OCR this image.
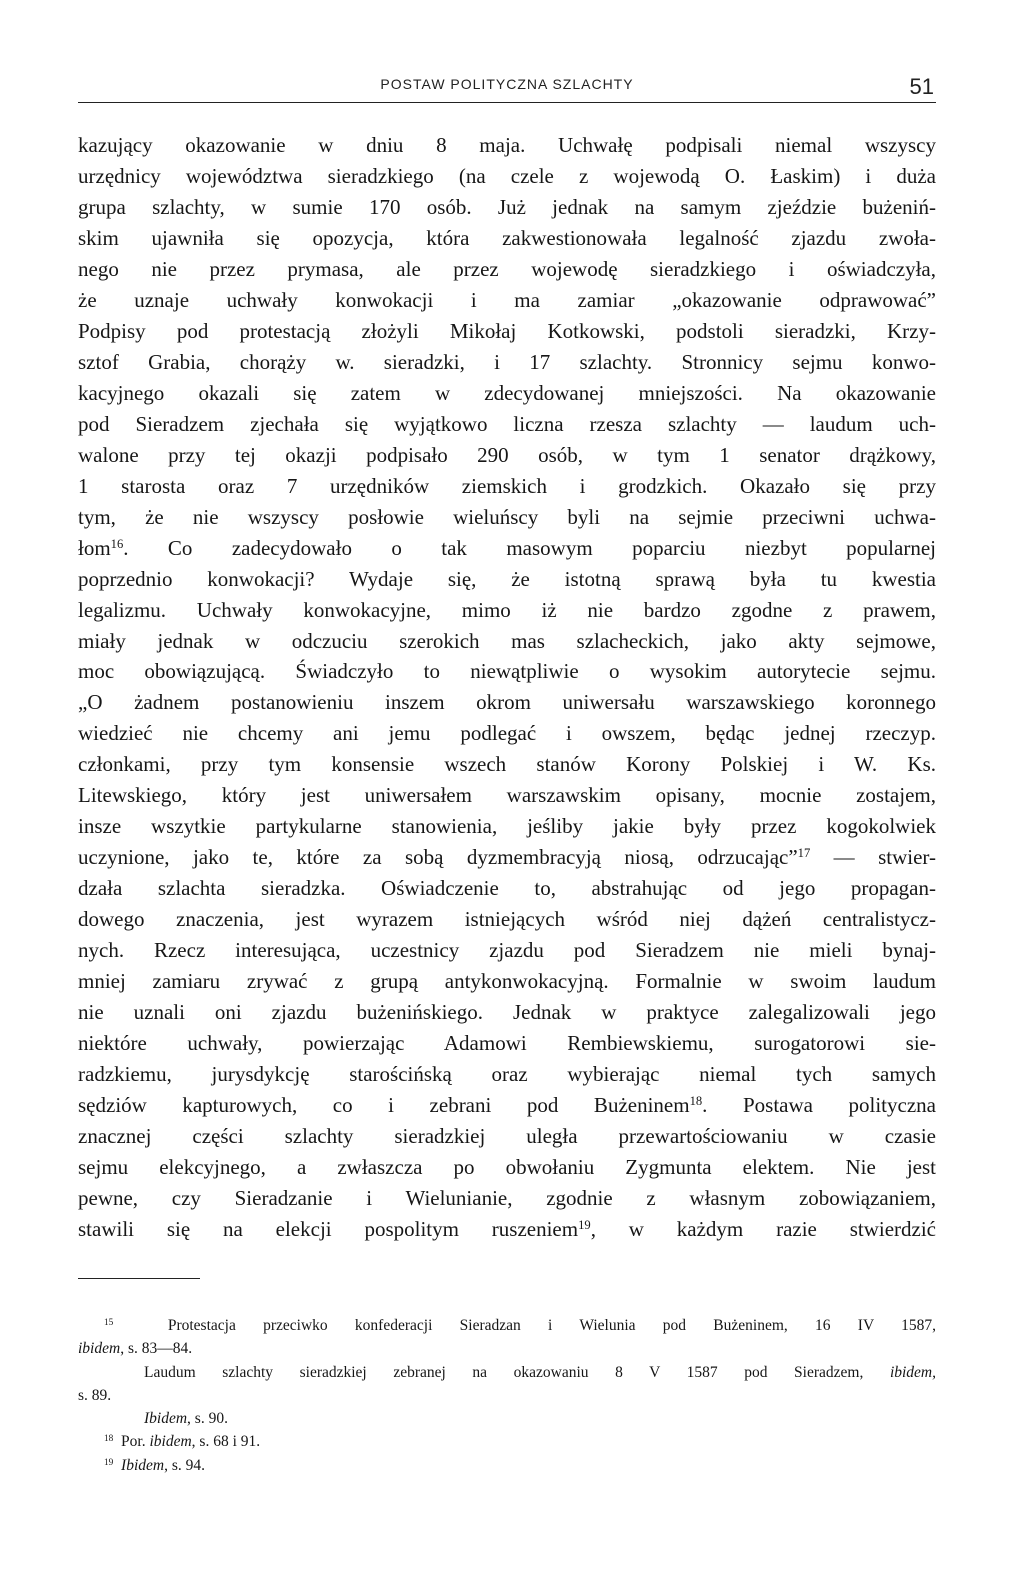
POSTAW POLITYCZNA SZLACHTY	51
kazujący okazowanie w dniu 8 maja. Uchwałę podpisali niemal wszyscy
urzędnicy województwa sieradzkiego (na czele z wojewodą O. Łaskim) i duża
grupa szlachty, w sumie 170 osób. Już jednak na samym zjeździe bużeniń-
skim ujawniła się opozycja, która zakwestionowała legalność zjazdu zwoła-
nego nie przez prymasa, ale przez wojewodę sieradzkiego i oświadczyła,
że uznaje uchwały konwokacji i ma zamiar „okazowanie odprawować”
Podpisy pod protestacją złożyli Mikołaj Kotkowski, podstoli sieradzki, Krzy-
sztof Grabia, chorąży w. sieradzki, i 17 szlachty. Stronnicy sejmu konwo-
kacyjnego okazali się zatem w zdecydowanej mniejszości. Na okazowanie
pod Sieradzem zjechała się wyjątkowo liczna rzesza szlachty — laudum uch-
walone przy tej okazji podpisało 290 osób, w tym 1 senator drążkowy,
1 starosta oraz 7 urzędników ziemskich i grodzkich. Okazało się przy
tym, że nie wszyscy posłowie wieluńscy byli na sejmie przeciwni uchwa-
łom$^{16}$. Co zadecydowało o tak masowym poparciu niezbyt popularnej
poprzednio konwokacji? Wydaje się, że istotną sprawą była tu kwestia
legalizmu. Uchwały konwokacyjne, mimo iż nie bardzo zgodne z prawem,
miały jednak w odczuciu szerokich mas szlacheckich, jako akty sejmowe,
moc obowiązującą. Świadczyło to niewątpliwie o wysokim autorytecie sejmu.
„O żadnem postanowieniu inszem okrom uniwersału warszawskiego koronnego
wiedzieć nie chcemy ani jemu podlegać i owszem, będąc jednej rzeczyp.
członkami, przy tym konsensie wszech stanów Korony Polskiej i W. Ks.
Litewskiego, który jest uniwersałem warszawskim opisany, mocnie zostajem,
insze wszytkie partykularne stanowienia, jeśliby jakie były przez kogokolwiek
uczynione, jako te, które za sobą dyzmembracyją niosą, odrzucając”$^{17}$ — stwier-
dzała szlachta sieradzka. Oświadczenie to, abstrahując od jego propagan-
dowego znaczenia, jest wyrazem istniejących wśród niej dążeń centralistycz-
nych. Rzecz interesująca, uczestnicy zjazdu pod Sieradzem nie mieli bynaj-
mniej zamiaru zrywać z grupą antykonwokacyjną. Formalnie w swoim laudum
nie uznali oni zjazdu bużenińskiego. Jednak w praktyce zalegalizowali jego
niektóre uchwały, powierzając Adamowi Rembiewskiemu, surogatorowi sie-
radzkiemu, jurysdykcję starościńską oraz wybierając niemal tych samych
sędziów kapturowych, co i zebrani pod Bużeninem$^{18}$. Postawa polityczna
znacznej części szlachty sieradzkiej uległa przewartościowaniu w czasie
sejmu elekcyjnego, a zwłaszcza po obwołaniu Zygmunta elektem. Nie jest
pewne, czy Sieradzanie i Wielunianie, zgodnie z własnym zobowiązaniem,
stawili się na elekcji pospolitym ruszeniem$^{19}$, w każdym razie stwierdzić
$^{15}$	Protestacja przeciwko konfederacji Sieradzan i Wielunia pod Bużeninem, 16 IV 1587,
ibidem, s. 83—84.
Laudum szlachty sieradzkiej zebranej na okazowaniu 8 V 1587 pod Sieradzem, ibidem,
s. 89.
Ibidem, s. 90.
$^{18}$ Por. ibidem, s. 68 i 91.
$^{19}$ Ibidem, s. 94.
